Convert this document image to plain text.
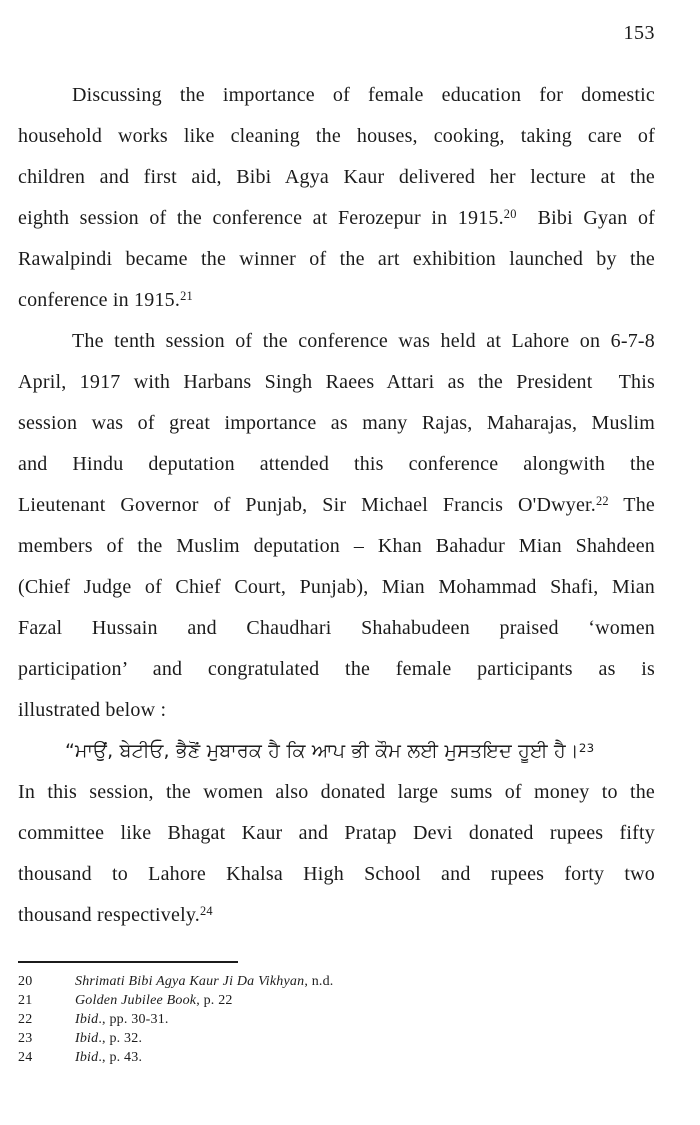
153
Discussing the importance of female education for domestic
household works like cleaning the houses, cooking, taking care of
children and first aid, Bibi Agya Kaur delivered her lecture at the
eighth session of the conference at Ferozepur in 1915.20  Bibi Gyan of
Rawalpindi became the winner of the art exhibition launched by the
conference in 1915.21
The tenth session of the conference was held at Lahore on 6-7-8
April, 1917 with Harbans Singh Raees Attari as the President  This
session was of great importance as many Rajas, Maharajas, Muslim
and Hindu deputation attended this conference alongwith the
Lieutenant Governor of Punjab, Sir Michael Francis O'Dwyer.$^{22}$ The
members of the Muslim deputation – Khan Bahadur Mian Shahdeen
(Chief Judge of Chief Court, Punjab), Mian Mohammad Shafi, Mian
Fazal Hussain and Chaudhari Shahabudeen praised ‘women
participation’ and congratulated the female participants as is
illustrated below :
“ਮਾਉਂ, ਬੇਟੀਓ, ਭੈਣੋਂ ਮੁਬਾਰਕ ਹੈ ਕਿ ਆਪ ਭੀ ਕੌਮ ਲਈ ਮੁਸਤਇਦ ਹੂਈ ਹੈ।$^{23}$
In this session, the women also donated large sums of money to the
committee like Bhagat Kaur and Pratap Devi donated rupees fifty
thousand to Lahore Khalsa High School and rupees forty two
thousand respectively.$^{24}$
20	Shrimati Bibi Agya Kaur Ji Da Vikhyan, n.d.
21	Golden Jubilee Book, p. 22
22	Ibid., pp. 30-31.
23	Ibid., p. 32.
24	Ibid., p. 43.
